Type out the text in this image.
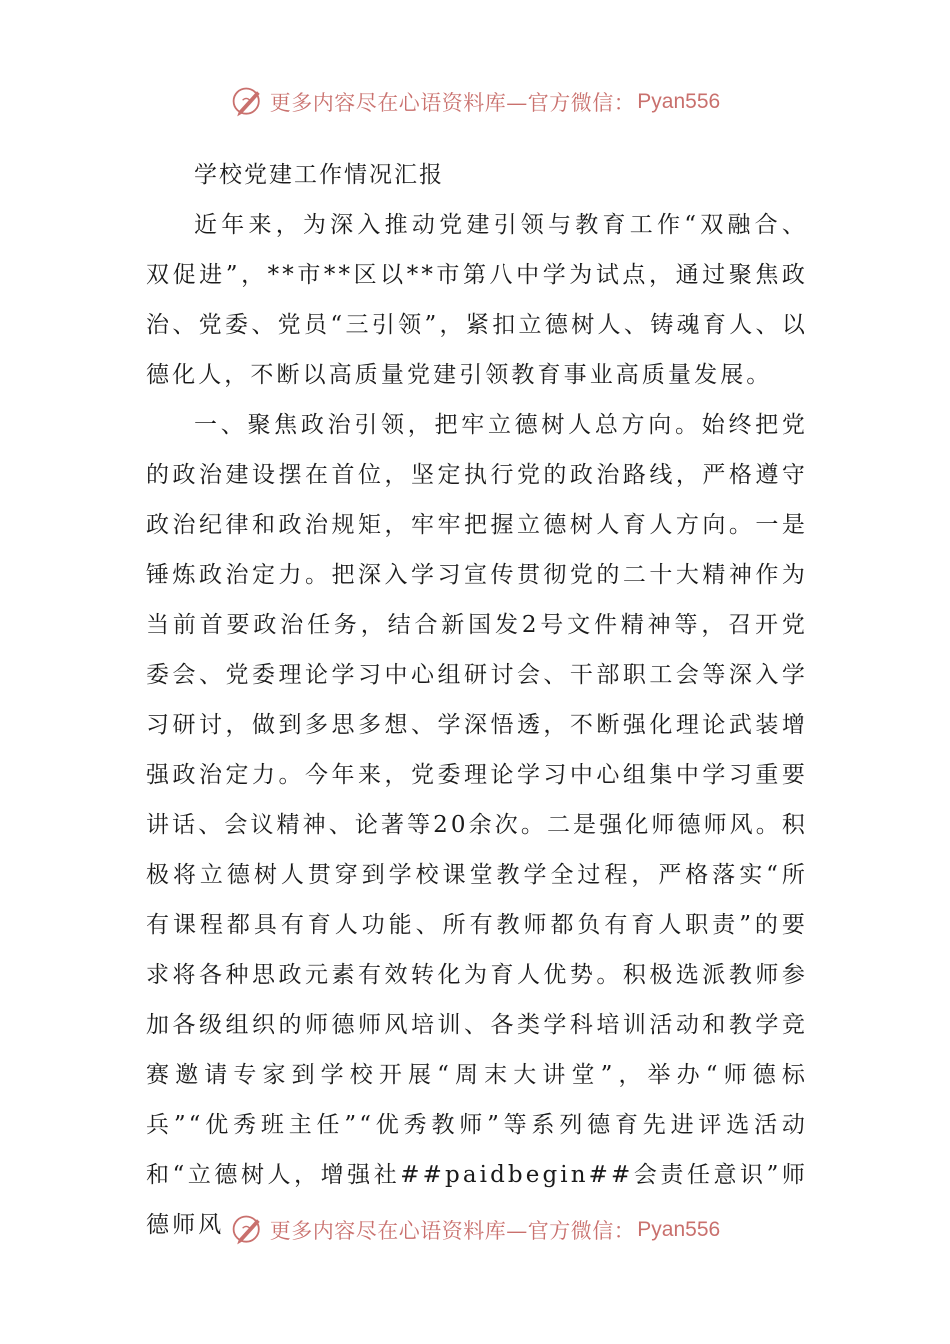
更多内容尽在心语资料库—官方微信： Pyan556
学校党建工作情况汇报

近年来，为深入推动党建引领与教育工作“双融合、双促进”，**市**区以**市第八中学为试点，通过聚焦政治、党委、党员“三引领”，紧扣立德树人、铸魂育人、以德化人，不断以高质量党建引领教育事业高质量发展。

一、聚焦政治引领，把牢立德树人总方向。始终把党的政治建设摆在首位，坚定执行党的政治路线，严格遵守政治纪律和政治规矩，牢牢把握立德树人育人方向。一是锤炼政治定力。把深入学习宣传贯彻党的二十大精神作为当前首要政治任务，结合新国发2号文件精神等，召开党委会、党委理论学习中心组研讨会、干部职工会等深入学习研讨，做到多思多想、学深悟透，不断强化理论武装增强政治定力。今年来，党委理论学习中心组集中学习重要讲话、会议精神、论著等20余次。二是强化师德师风。积极将立德树人贯穿到学校课堂教学全过程，严格落实“所有课程都具有育人功能、所有教师都负有育人职责”的要求将各种思政元素有效转化为育人优势。积极选派教师参加各级组织的师德师风培训、各类学科培训活动和教学竞赛邀请专家到学校开展“周末大讲堂”，举办“师德标兵”“优秀班主任”“优秀教师”等系列德育先进评选活动和“立德树人，增强社##paidbegin##会责任意识”师德师风	更多内容尽在心语资料库—官方微信： Pyan556
